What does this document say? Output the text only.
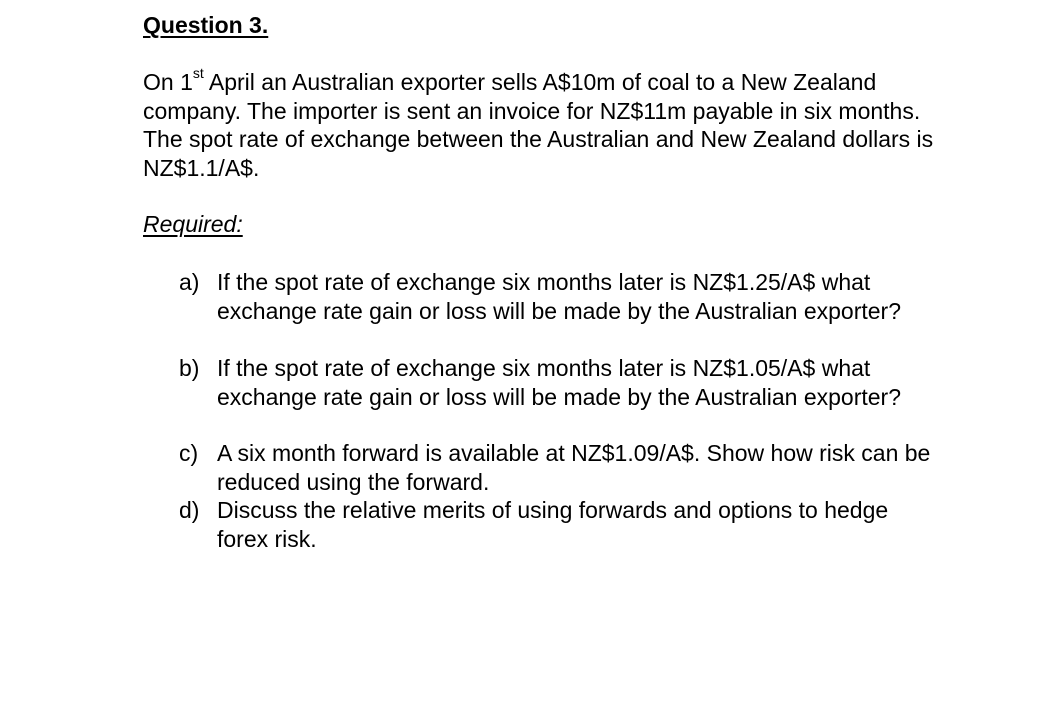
Question 3.
On 1st April an Australian exporter sells A$10m of coal to a New Zealand
company. The importer is sent an invoice for NZ$11m payable in six months.
The spot rate of exchange between the Australian and New Zealand dollars is
NZ$1.1/A$.
Required:
a) If the spot rate of exchange six months later is NZ$1.25/A$ what
exchange rate gain or loss will be made by the Australian exporter?
b) If the spot rate of exchange six months later is NZ$1.05/A$ what
exchange rate gain or loss will be made by the Australian exporter?
c) A six month forward is available at NZ$1.09/A$. Show how risk can be
reduced using the forward.
d) Discuss the relative merits of using forwards and options to hedge
forex risk.
